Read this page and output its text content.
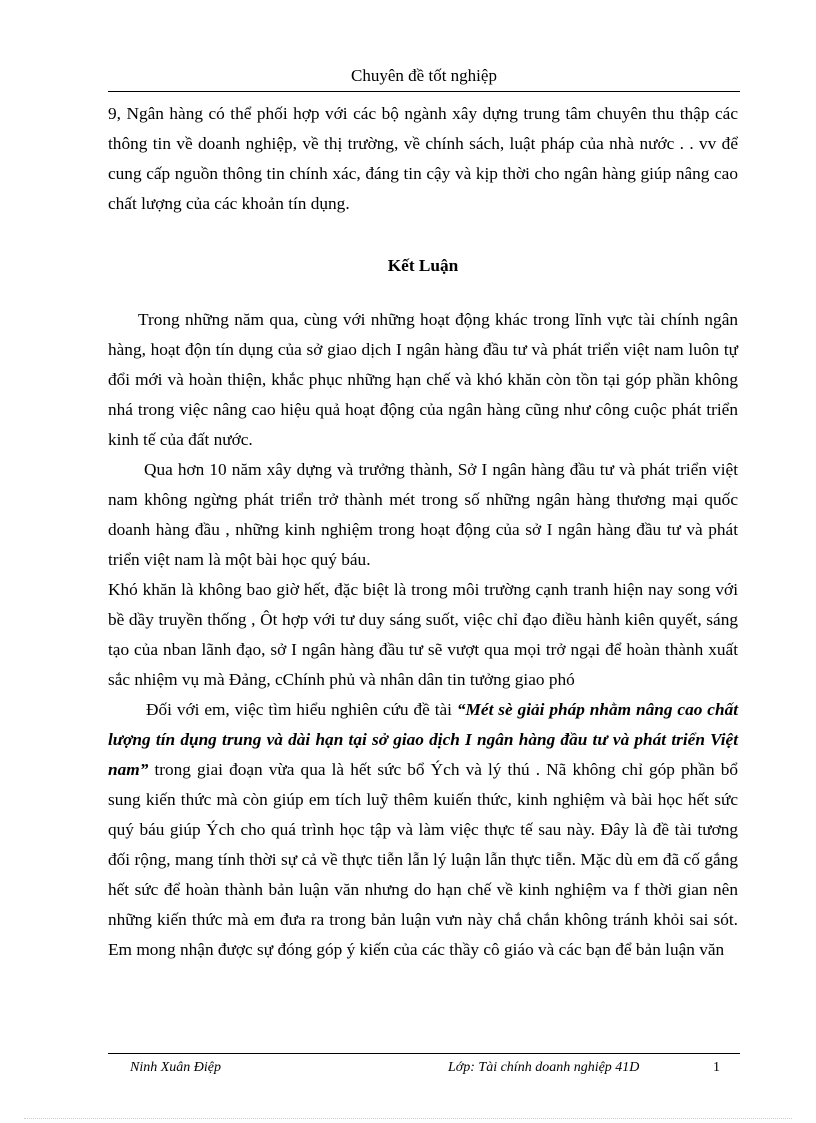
Chuyên đề tốt nghiệp

9, Ngân hàng có thể phối hợp với các bộ ngành xây dựng trung tâm chuyên thu thập các thông tin về doanh nghiệp, về thị trường, về chính sách, luật pháp của nhà nước . . vv để cung cấp nguồn thông tin chính xác, đáng tin cậy và kịp thời cho ngân hàng giúp nâng cao chất lượng của các khoản tín dụng.

Kết Luận

Trong những năm qua, cùng với những hoạt động khác trong lĩnh vực tài chính ngân hàng, hoạt độn tín dụng của sở giao dịch I ngân hàng đầu tư và phát triển việt nam luôn tự đổi mới và hoàn thiện, khắc phục những hạn chế và khó khăn còn tồn tại góp phần không nhá trong việc nâng cao hiệu quả hoạt động của ngân hàng cũng như công cuộc phát triển kinh tế của đất nước.

Qua hơn 10 năm xây dựng và trưởng thành, Sở I ngân hàng đầu tư và phát triển việt nam không ngừng phát triển trở thành mét trong số những ngân hàng thương mại quốc doanh hàng đầu , những kinh nghiệm trong hoạt động của sở I ngân hàng đầu tư và phát triển việt nam là một bài học quý báu.

Khó khăn là không bao giờ hết, đặc biệt là trong môi trường cạnh tranh hiện nay song với bề dầy truyền thống , Ôt hợp với tư duy sáng suốt, việc chỉ đạo điều hành kiên quyết, sáng tạo của nban lãnh đạo, sở I ngân hàng đầu tư sẽ vượt qua mọi trở ngại để hoàn thành xuất sắc nhiệm vụ mà Đảng, cChính phủ và nhân dân tin tưởng giao phó

Đối với em, việc tìm hiểu nghiên cứu đề tài “Mét sè giải pháp nhằm nâng cao chất lượng tín dụng trung và dài hạn tại sở giao dịch I ngân hàng đầu tư và phát triển Việt nam” trong giai đoạn vừa qua là hết sức bổ Ých và lý thú . Nã không chỉ góp phần bổ sung kiến thức mà còn giúp em tích luỹ thêm kuiến thức, kinh nghiệm và bài học hết sức quý báu giúp Ých cho quá trình học tập và làm việc thực tế sau này. Đây là đề tài tương đối rộng, mang tính thời sự cả về thực tiễn lẫn lý luận lẫn thực tiễn. Mặc dù em đã cố gắng hết sức để hoàn thành bản luận văn nhưng do hạn chế về kinh nghiệm va f thời gian nên những kiến thức mà em đưa ra trong bản luận vưn này chắ chắn không tránh khỏi sai sót. Em mong nhận được sự đóng góp ý kiến của các thầy cô giáo và các bạn để bản luận văn

Ninh Xuân Điệp	Lớp: Tài chính doanh nghiệp 41D	1
